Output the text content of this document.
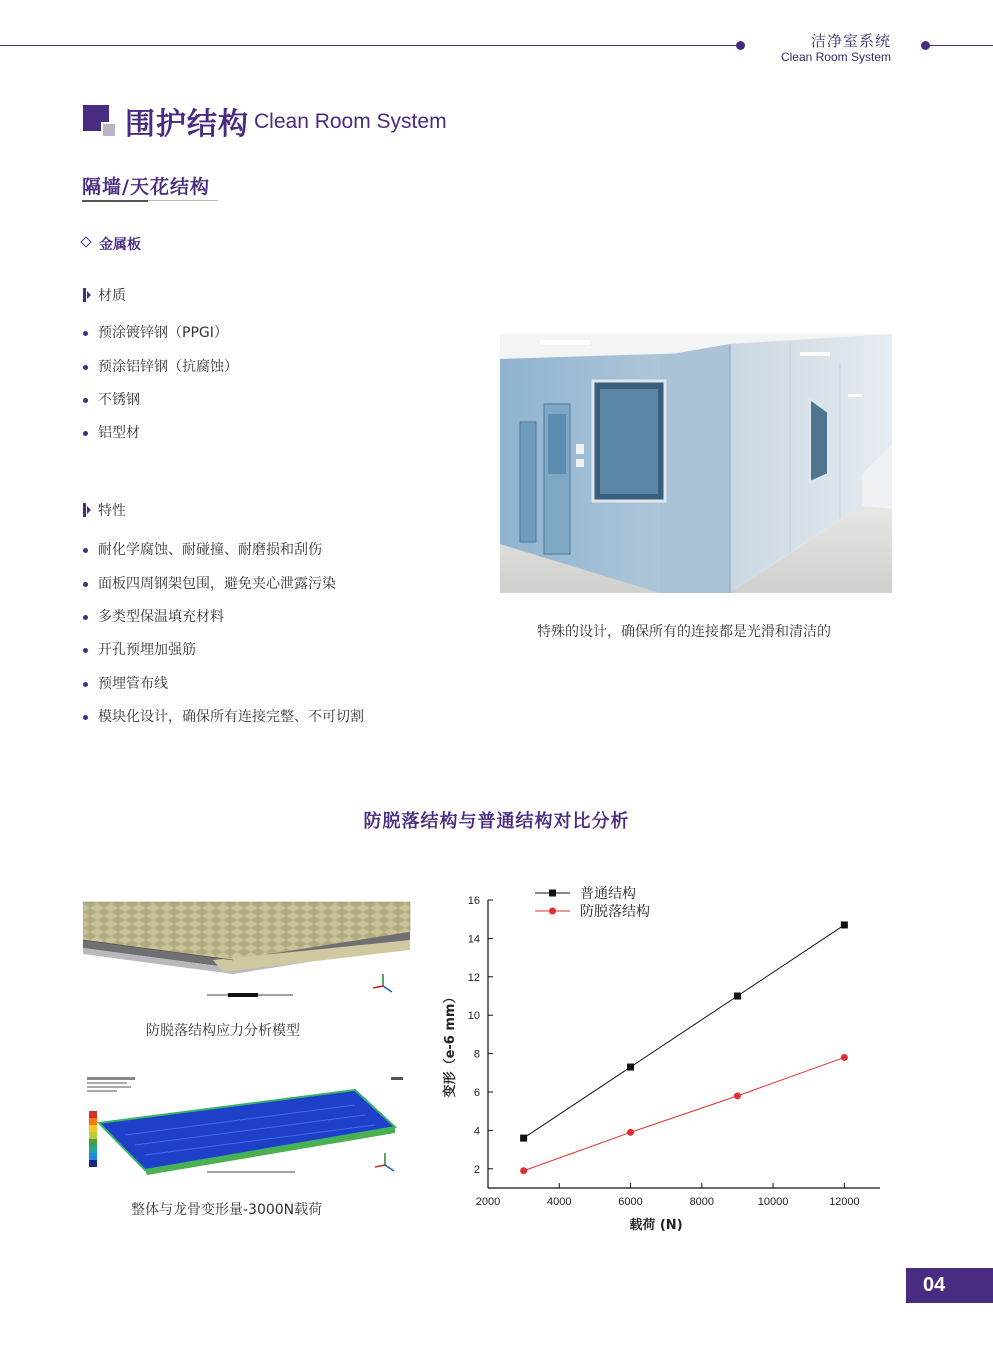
洁净室系统
Clean Room System
围护结构 Clean Room System
隔墙/天花结构
金属板
材质
预涂镀锌钢（PPGI）
预涂铝锌钢（抗腐蚀）
不锈钢
铝型材
特性
耐化学腐蚀、耐碰撞、耐磨损和刮伤
面板四周钢架包围，避免夹心泄露污染
多类型保温填充材料
开孔预埋加强筋
预埋管布线
模块化设计，确保所有连接完整、不可切割
特殊的设计，确保所有的连接都是光滑和清洁的
防脱落结构与普通结构对比分析
防脱落结构应力分析模型
整体与龙骨变形量-3000N载荷
2
4
6
8
10
12
14
16
2000	4000	6000	8000	10000	12000
载荷 (N)
变形（e-6 mm）
普通结构
防脱落结构
04
